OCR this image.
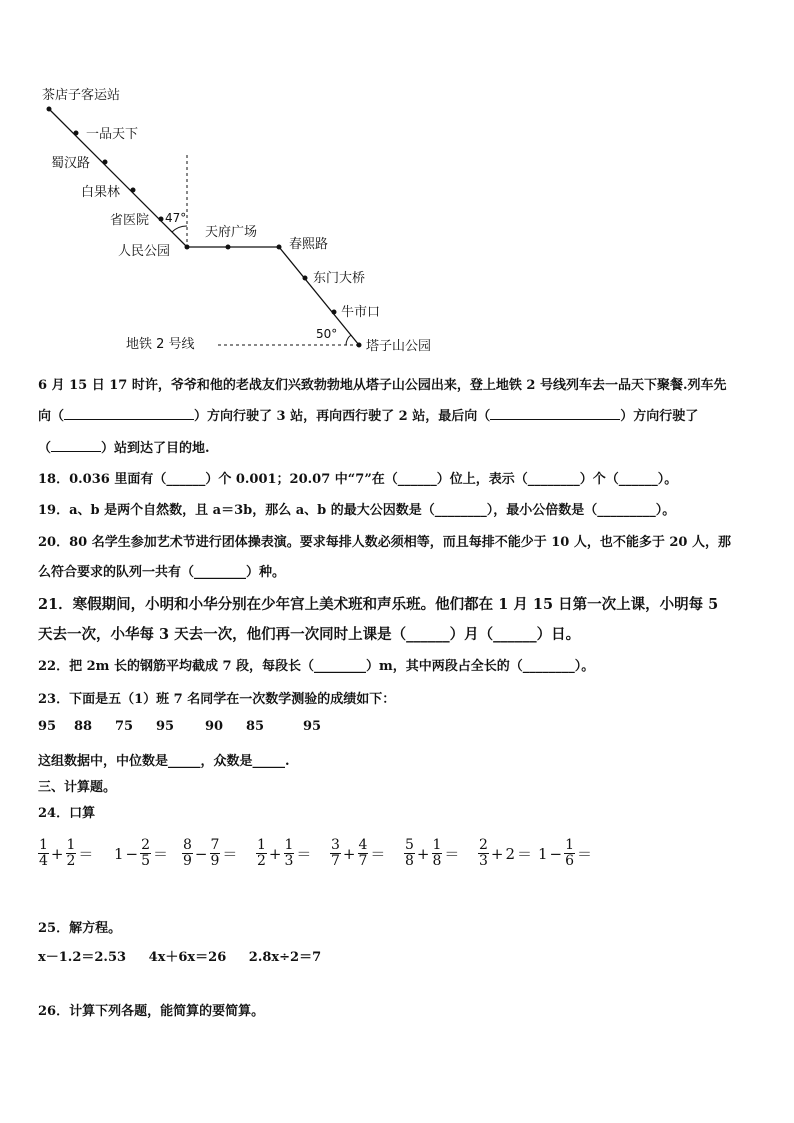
茶店子客运站
一品天下
蜀汉路
白果林
省医院 47°
人民公园
天府广场
春熙路
东门大桥
牛市口
50°
塔子山公园
地铁 2 号线
6 月 15 日 17 时许，爷爷和他的老战友们兴致勃勃地从塔子山公园出来，登上地铁 2 号线列车去一品天下聚餐.列车先
向（	）方向行驶了 3 站，再向西行驶了 2 站，最后向（	）方向行驶了
（	）站到达了目的地.
18．0.036 里面有（______）个 0.001；20.07 中“7”在（______）位上，表示（________）个（______）。
19．a、b 是两个自然数，且 a＝3b，那么 a、b 的最大公因数是（________），最小公倍数是（_________）。
20．80 名学生参加艺术节进行团体操表演。要求每排人数必须相等，而且每排不能少于 10 人，也不能多于 20 人，那
么符合要求的队列一共有（________）种。
21．寒假期间，小明和小华分别在少年宫上美术班和声乐班。他们都在 1 月 15 日第一次上课，小明每 5
天去一次，小华每 3 天去一次，他们再一次同时上课是（______）月（______）日。
22．把 2m 长的钢筋平均截成 7 段，每段长（________）m，其中两段占全长的（________）。
23．下面是五（1）班 7 名同学在一次数学测验的成绩如下：
95 88 75 95 90 85	95
这组数据中，中位数是_____，众数是_____.
三、计算题。
24．口算
$\frac{1}{4} + \frac{1}{2} = 1 - \frac{2}{5} = \frac{8}{9} - \frac{7}{9} = \frac{1}{2} + \frac{1}{3} = \frac{3}{7} + \frac{4}{7} = \frac{5}{8} + \frac{1}{8} = \frac{2}{3} + 2 = 1 - \frac{1}{6}$ ＝
25．解方程。
x－1.2＝2.53 4x＋6x＝26 2.8x÷2＝7
26．计算下列各题，能简算的要简算。
